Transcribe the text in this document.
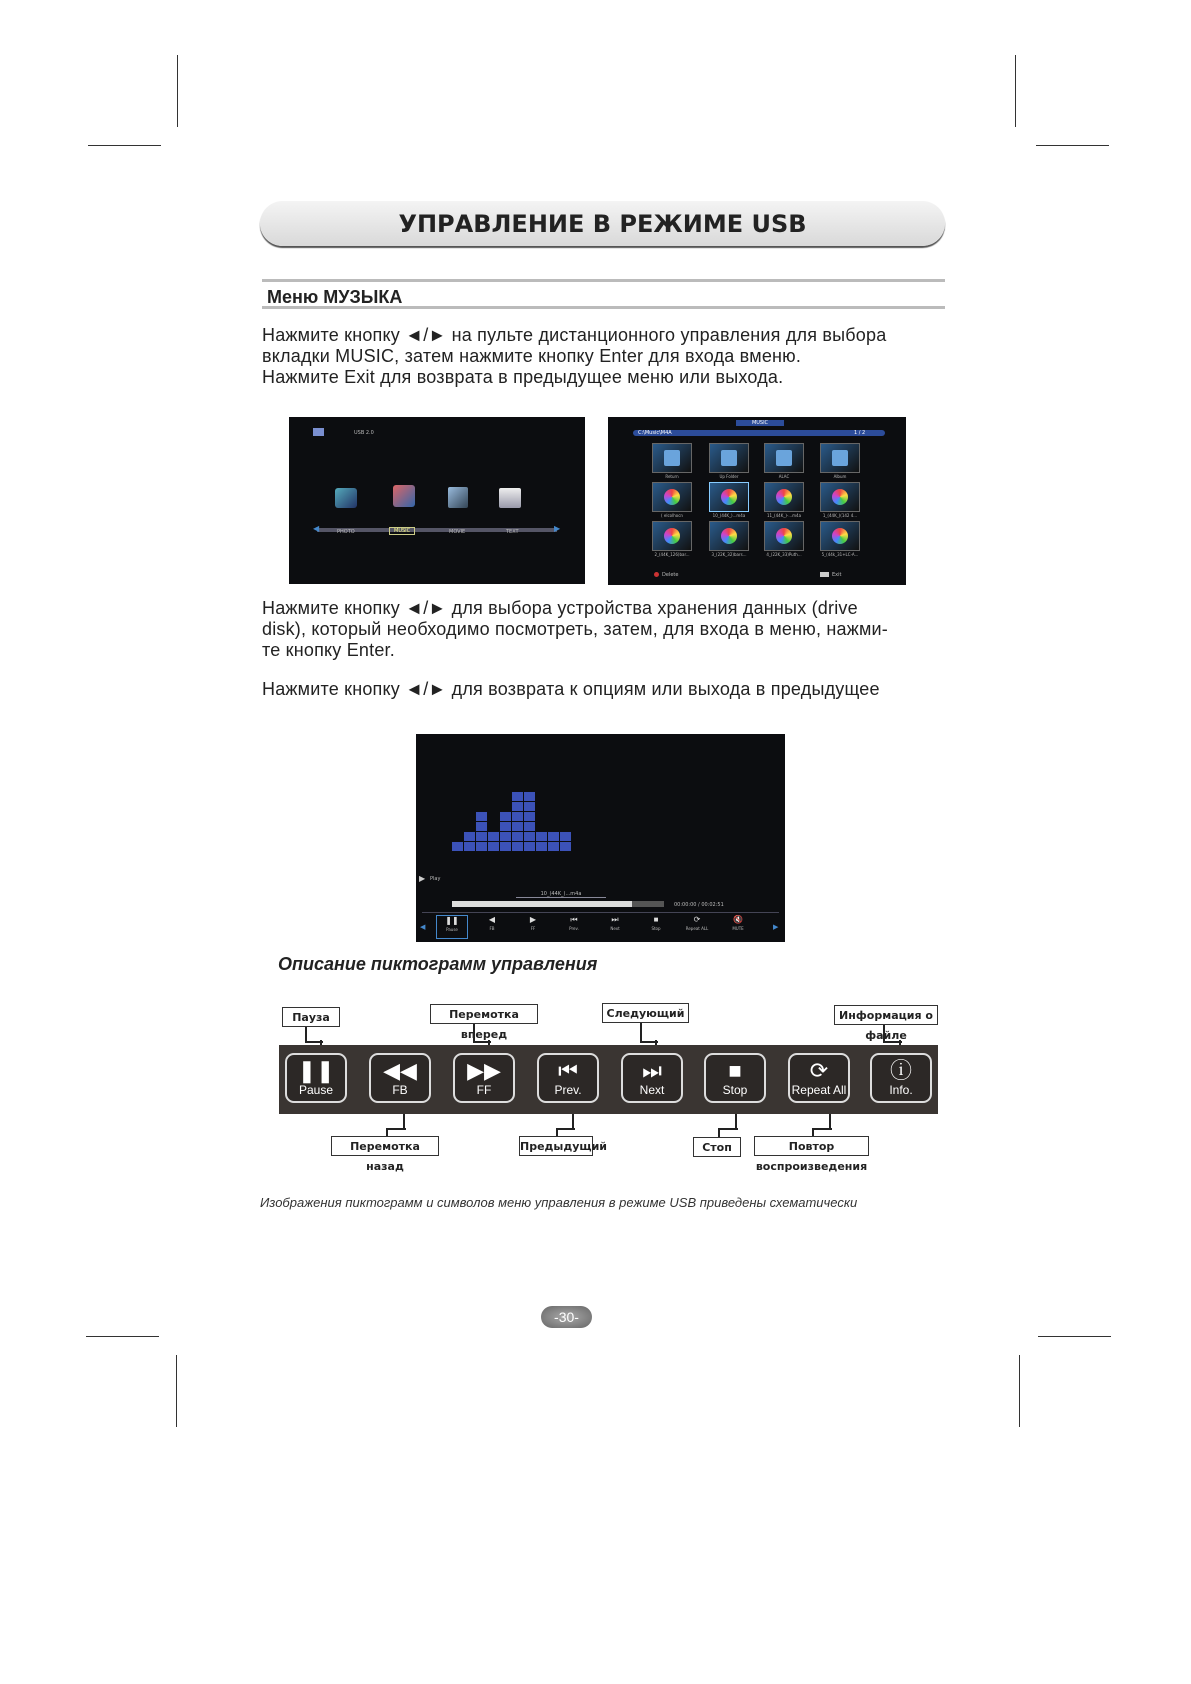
УПРАВЛЕНИЕ В РЕЖИМЕ USB
Меню МУЗЫКА

Нажмите кнопку ◄/► на пульте дистанционного управления для выбора

вкладки MUSIC, затем нажмите кнопку Enter для входа вменю.

Нажмите Exit для возврата в предыдущее меню или выхода.

USB 2.0
◀	▶
PHOTO	MUSIC	MOVIE	TEXT
MUSIC
C:\Music\M4A	1 / 2
Return	Up Folder	ALAC	Album
( elcolhocn	10_(44K_)...m4a	11_(44K_)-...m4a	1_(44K_)(142 4...
2_(44K_126)bar...	3_(22K_32)bars...	4_(22K_33)Puth...	5_(44k_31+LC-A...
Delete	Exit

Нажмите кнопку ◄/► для выбора устройства хранения данных (drive

disk), который необходимо посмотреть, затем, для входа в меню, нажми-

те кнопку Enter.

Нажмите кнопку ◄/► для возврата к опциям или выхода в предыдущее
▶ Play
10_(44K_)...m4a
00:00:00 / 00:02:51
◀	▶
❚❚
Pause
◀
FB
▶
FF
⏮
Prev.
⏭
Next
■
Stop
⟳
Repeat ALL
🔇
MUTE
Описание пиктограмм управления
Пауза	Перемотка вперед
Следующий	Информация о файле
❚❚
Pause
◀◀
FB
▶▶
FF
⏮
Prev.
⏭
Next
■
Stop
⟳
Repeat All
ⓘ
Info.
Перемотка назад
Предыдущий	Стоп	Повтор воспроизведения
Изображения пиктограмм и символов меню управления в режиме USB приведены схематически
-30-
